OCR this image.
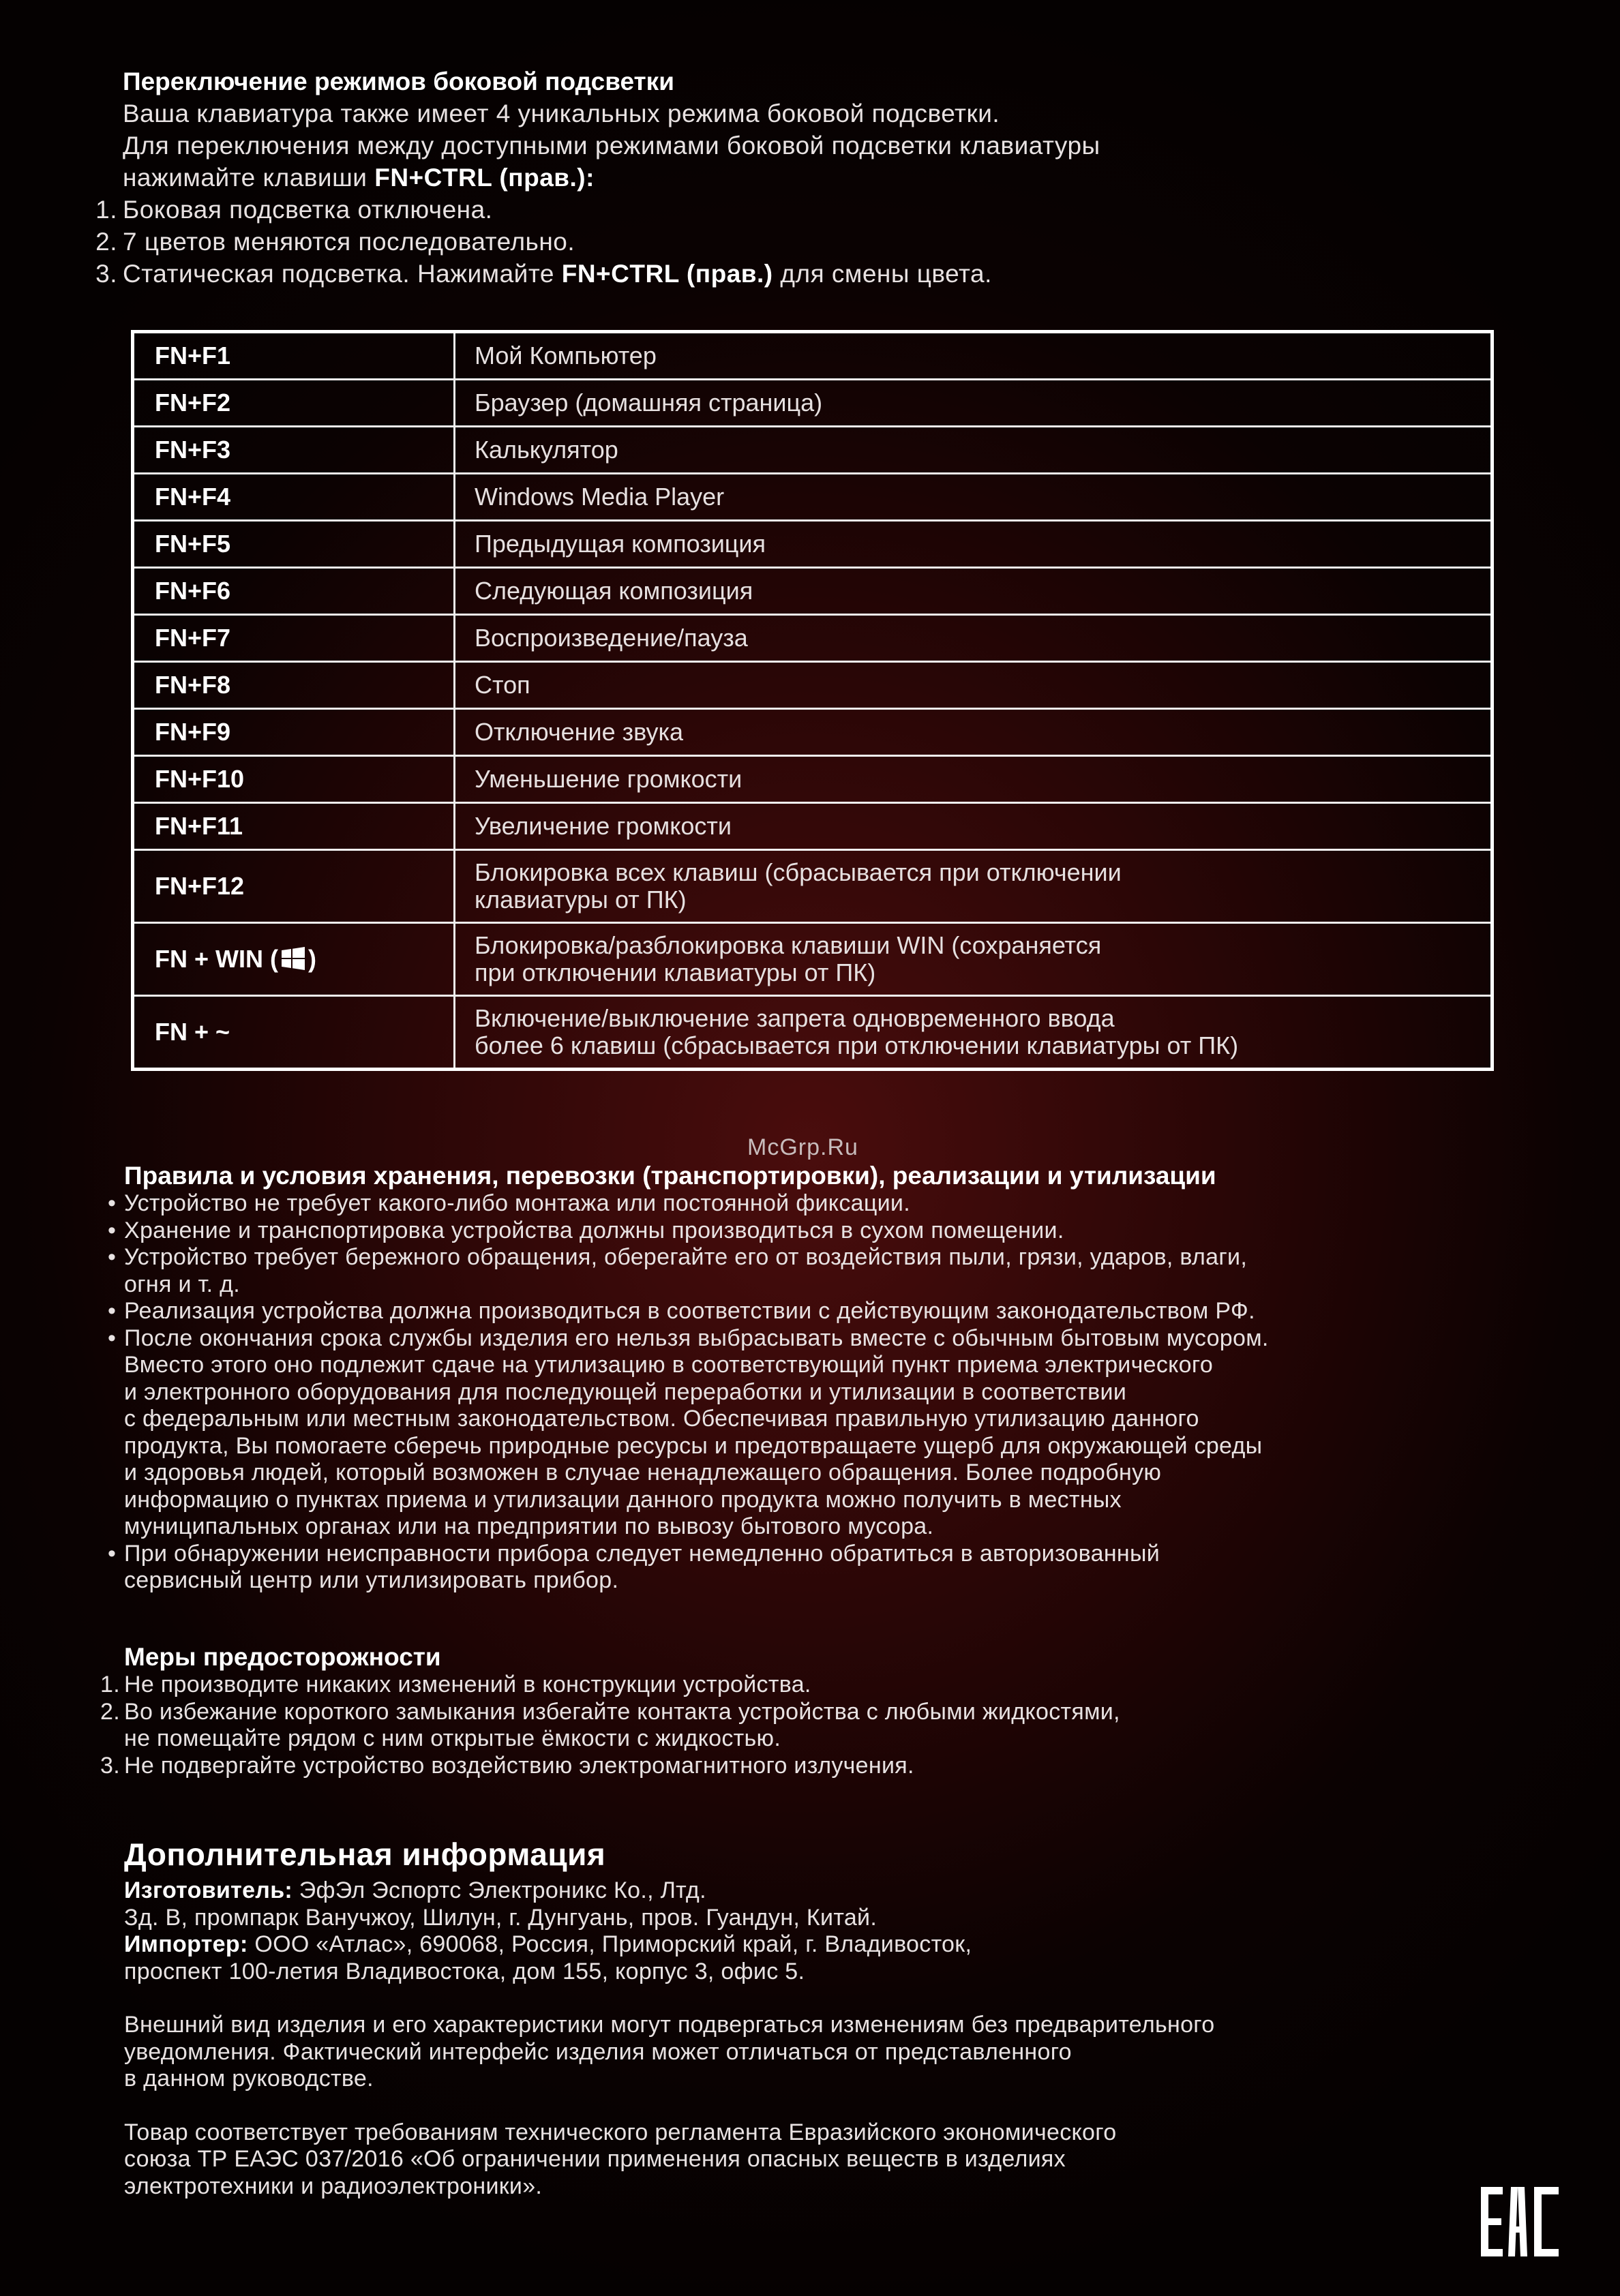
Переключение режимов боковой подсветки
Ваша клавиатура также имеет 4 уникальных режима боковой подсветки.
Для переключения между доступными режимами боковой подсветки клавиатуры
нажимайте клавиши FN+CTRL (прав.):
1. Боковая подсветка отключена.
2. 7 цветов меняются последовательно.
3. Статическая подсветка. Нажимайте FN+CTRL (прав.) для смены цвета.
FN+F1	Мой Компьютер
FN+F2	Браузер (домашняя страница)
FN+F3	Калькулятор
FN+F4	Windows Media Player
FN+F5	Предыдущая композиция
FN+F6	Следующая композиция
FN+F7	Воспроизведение/пауза
FN+F8	Стоп
FN+F9	Отключение звука
FN+F10	Уменьшение громкости
FN+F11	Увеличение громкости
FN+F12	Блокировка всех клавиш (сбрасывается при отключении
клавиатуры от ПК)

FN + WIN ( )	Блокировка/разблокировка клавиши WIN (сохраняется
при отключении клавиатуры от ПК)

FN + ~	Включение/выключение запрета одновременного ввода
более 6 клавиш (сбрасывается при отключении клавиатуры от ПК)
McGrp.Ru
Правила и условия хранения, перевозки (транспортировки), реализации и утилизации
• Устройство не требует какого-либо монтажа или постоянной фиксации.
• Хранение и транспортировка устройства должны производиться в сухом помещении.
• Устройство требует бережного обращения, оберегайте его от воздействия пыли, грязи, ударов, влаги,
огня и т. д.
• Реализация устройства должна производиться в соответствии с действующим законодательством РФ.
• После окончания срока службы изделия его нельзя выбрасывать вместе с обычным бытовым мусором.
Вместо этого оно подлежит сдаче на утилизацию в соответствующий пункт приема электрического
и электронного оборудования для последующей переработки и утилизации в соответствии
с федеральным или местным законодательством. Обеспечивая правильную утилизацию данного
продукта, Вы помогаете сберечь природные ресурсы и предотвращаете ущерб для окружающей среды
и здоровья людей, который возможен в случае ненадлежащего обращения. Более подробную
информацию о пунктах приема и утилизации данного продукта можно получить в местных
муниципальных органах или на предприятии по вывозу бытового мусора.
• При обнаружении неисправности прибора следует немедленно обратиться в авторизованный
сервисный центр или утилизировать прибор.
Меры предосторожности
1. Не производите никаких изменений в конструкции устройства.
2. Во избежание короткого замыкания избегайте контакта устройства с любыми жидкостями,
не помещайте рядом с ним открытые ёмкости с жидкостью.
3. Не подвергайте устройство воздействию электромагнитного излучения.
Дополнительная информация

Изготовитель: ЭфЭл Эспортс Электроникс Ко., Лтд.

Зд. В, промпарк Ванучжоу, Шилун, г. Дунгуань, пров. Гуандун, Китай.

Импортер: ООО «Атлас», 690068, Россия, Приморский край, г. Владивосток,

проспект 100-летия Владивостока, дом 155, корпус 3, офис 5.

Внешний вид изделия и его характеристики могут подвергаться изменениям без предварительного

уведомления. Фактический интерфейс изделия может отличаться от представленного

в данном руководстве.

Товар соответствует требованиям технического регламента Евразийского экономического

союза ТР ЕАЭС 037/2016 «Об ограничении применения опасных веществ в изделиях

электротехники и радиоэлектроники».
